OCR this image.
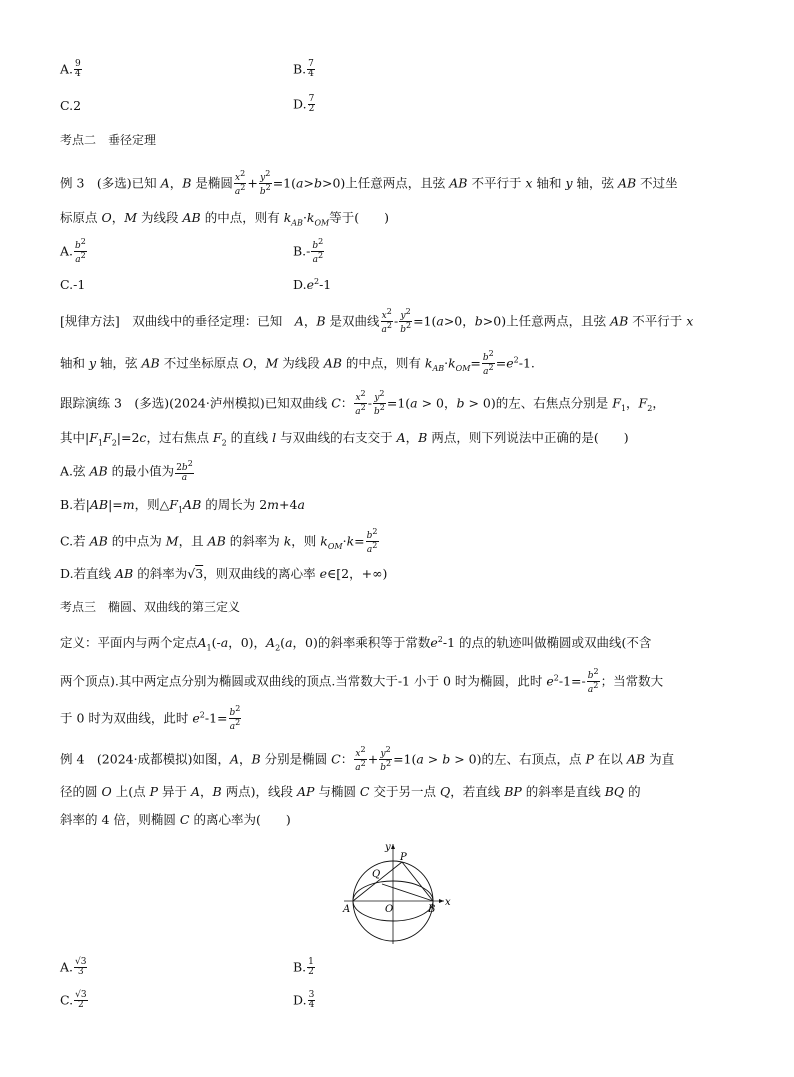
A. $\frac{9}{4}$	B. $\frac{7}{4}$
C.2	D. $\frac{7}{2}$
考点二　垂径定理
例 3　(多选)已知 A，B 是椭圆 $\frac{x^2}{a^2} + \frac{y^2}{b^2} =1(a>b>0)$上任意两点，且弦 AB 不平行于 x 轴和 y 轴，弦 AB 不过坐
标原点 O，M 为线段 AB 的中点，则有 $k_{AB}\cdot k_{OM}$等于(　　)
A. $\frac{b^2}{a^2}$	$B.- \frac{b^2}{a^2}$
C.-1	$D.e^2-1$
[规律方法]　双曲线中的垂径定理：已知　 A，B 是双曲线 $\frac{x^2}{a^2} - \frac{y^2}{b^2} =1(a>0$，b>0)上任意两点，且弦 AB 不平行于 x
轴和 y 轴，弦 AB 不过坐标原点 O，M 为线段 AB 的中点，则有 $k_{AB}\cdot k_{OM}= \frac{b^2}{a^2} =e^2-1$.
跟踪演练 3　(多选)(2024·泸州模拟)已知双曲线 C： $\frac{x^2}{a^2} - \frac{y^2}{b^2} =1(a > 0$，b > 0)的左、右焦点分别是 $F_1$，$F_2$，
其中$|F_1F_2|=2c$，过右焦点 $F_2$ 的直线 l 与双曲线的右支交于 A，B 两点，则下列说法中正确的是(　　)
A.弦 AB 的最小值为 $\frac{2b^2}{a}$
B.若|AB|=m，则$\triangle F_1AB$ 的周长为 2m+4a
C.若 AB 的中点为 M，且 AB 的斜率为 k，则 $k_{OM}\cdot k= \frac{b^2}{a^2}$
D.若直线 AB 的斜率为√3，则双曲线的离心率 e∈[2，+∞)
考点三　椭圆、双曲线的第三定义
定义：平面内与两个定点$A_1(-a$，0)，$A_2(a$，0)的斜率乘积等于常数$e^2-1$ 的点的轨迹叫做椭圆或双曲线(不含
两个顶点).其中两定点分别为椭圆或双曲线的顶点.当常数大于-1 小于 0 时为椭圆，此时 $e^2-1=- \frac{b^2}{a^2}$ ；当常数大
于 0 时为双曲线，此时 $e^2-1= \frac{b^2}{a^2}$
例 4　(2024·成都模拟)如图，A，B 分别是椭圆 C： $\frac{x^2}{a^2} + \frac{y^2}{b^2} =1(a > b > 0)$的左、右顶点，点 P 在以 AB 为直
径的圆 O 上(点 P 异于 A，B 两点)，线段 AP 与椭圆 C 交于另一点 Q，若直线 BP 的斜率是直线 BQ 的
斜率的 4 倍，则椭圆 C 的离心率为(　　)
P
Q
A	B
O
x
y
A. $\frac{√3}{3}$	B. $\frac{1}{2}$
C. $\frac{√3}{2}$	D. $\frac{3}{4}$
